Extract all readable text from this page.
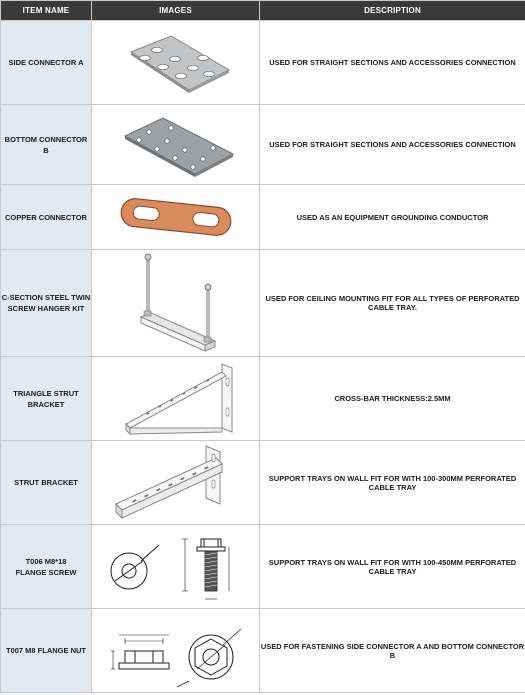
ITEM NAME	IMAGES	DESCRIPTION
SIDE CONNECTOR A		USED FOR STRAIGHT SECTIONS AND ACCESSORIES CONNECTION
BOTTOM CONNECTOR B		USED FOR STRAIGHT SECTIONS AND ACCESSORIES CONNECTION
COPPER CONNECTOR		USED AS AN EQUIPMENT GROUNDING CONDUCTOR
C-SECTION STEEL TWIN
SCREW HANGER KIT		USED FOR CEILING MOUNTING FIT FOR ALL TYPES OF PERFORATED CABLE TRAY.
TRIANGLE STRUT BRACKET		CROSS-BAR THICKNESS:2.5MM
STRUT BRACKET		SUPPORT TRAYS ON WALL FIT FOR WITH 100-300MM PERFORATED CABLE TRAY
T006 M8*18
FLANGE SCREW		SUPPORT TRAYS ON WALL FIT FOR WITH 100-450MM PERFORATED CABLE TRAY
T007 M8 FLANGE NUT		USED FOR FASTENING SIDE CONNECTOR A AND BOTTOM CONNECTOR B
